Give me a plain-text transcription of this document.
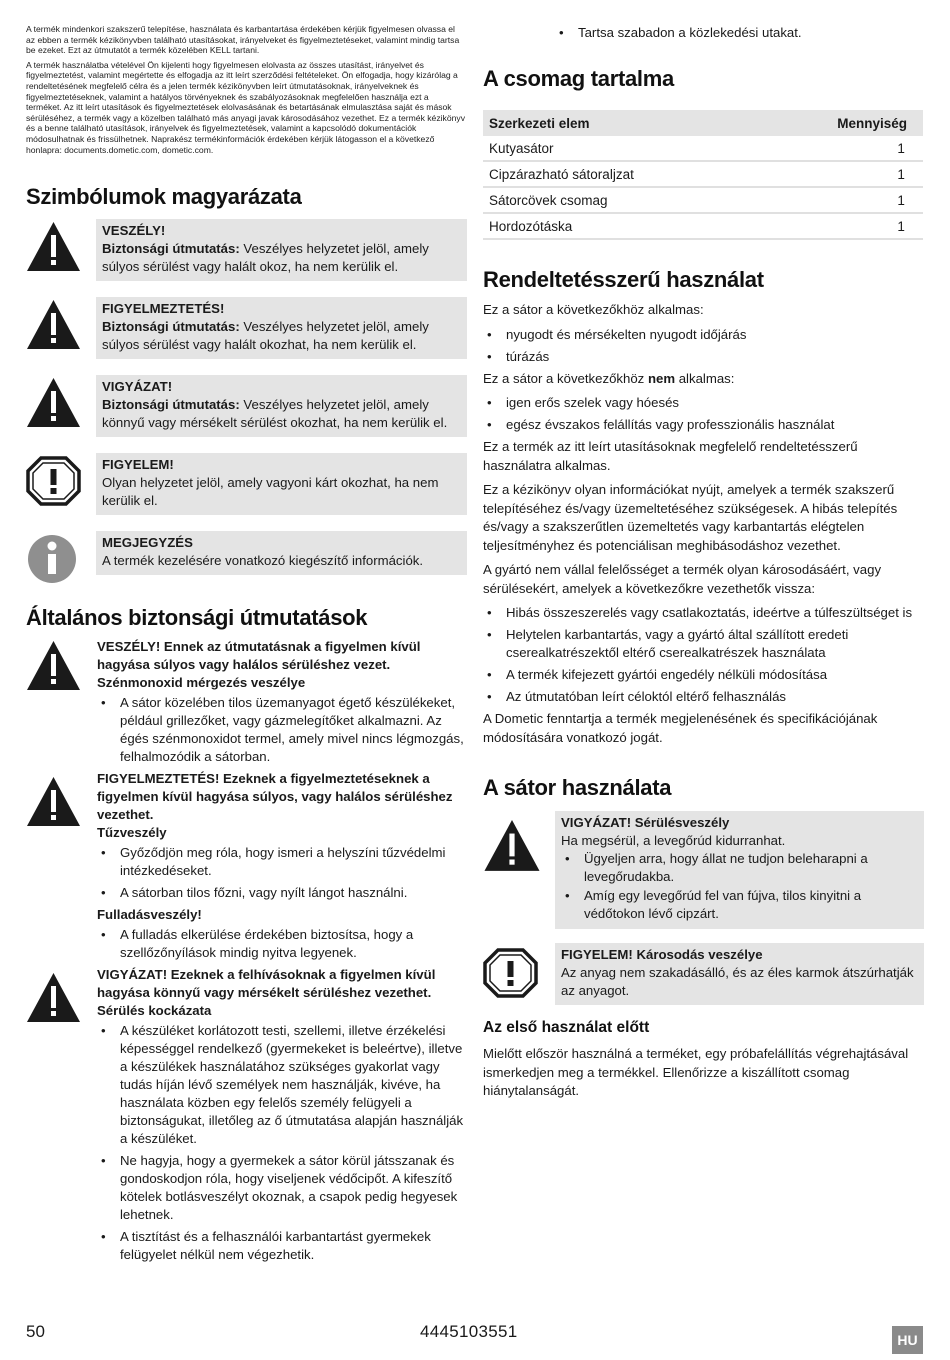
A termék mindenkori szakszerű telepítése, használata és karbantartása érdekében kérjük figyelmesen olvassa el az ebben a termék kézikönyvben található utasításokat, irányelveket és figyelmeztetéseket, valamint mindig tartsa be ezeket. Ezt az útmutatót a termék közelében KELL tartani.

A termék használatba vételével Ön kijelenti hogy figyelmesen elolvasta az összes utasítást, irányelvet és figyelmeztetést, valamint megértette és elfogadja az itt leírt szerződési feltételeket. Ön elfogadja, hogy kizárólag a rendeltetésének megfelelő célra és a jelen termék kézikönyvben leírt útmutatásoknak, irányelveknek és figyelmeztetéseknek, valamint a hatályos törvényeknek és szabályozásoknak megfelelően használja ezt a terméket. Az itt leírt utasítások és figyelmeztetések elolvasásának és betartásának elmulasztása saját és mások sérüléséhez, a termék vagy a közelben található más anyagi javak károsodásához vezethet. Ez a termék kézikönyv és a benne található utasítások, irányelvek és figyelmeztetések, valamint a kapcsolódó dokumentációk módosulhatnak és frissülhetnek. Naprakész termékinformációk érdekében kérjük látogasson el a következő honlapra: documents.dometic.com, dometic.com.

Szimbólumok magyarázata
VESZÉLY!
Biztonsági útmutatás: Veszélyes helyzetet jelöl, amely súlyos sérülést vagy halált okoz, ha nem kerülik el.
FIGYELMEZTETÉS!
Biztonsági útmutatás: Veszélyes helyzetet jelöl, amely súlyos sérülést vagy halált okozhat, ha nem kerülik el.
VIGYÁZAT!
Biztonsági útmutatás: Veszélyes helyzetet jelöl, amely könnyű vagy mérsékelt sérülést okozhat, ha nem kerülik el.
FIGYELEM!
Olyan helyzetet jelöl, amely vagyoni kárt okozhat, ha nem kerülik el.
MEGJEGYZÉS
A termék kezelésére vonatkozó kiegészítő információk.
Általános biztonsági útmutatások
VESZÉLY! Ennek az útmutatásnak a figyelmen kívül hagyása súlyos vagy halálos sérüléshez vezet.
Szénmonoxid mérgezés veszélye
• A sátor közelében tilos üzemanyagot égető készülékeket, például grillezőket, vagy gázmelegítőket alkalmazni. Az égés szénmonoxidot termel, amely mivel nincs légmozgás, felhalmozódik a sátorban.
FIGYELMEZTETÉS! Ezeknek a figyelmeztetéseknek a figyelmen kívül hagyása súlyos, vagy halálos sérüléshez vezethet.
Tűzveszély
• Győződjön meg róla, hogy ismeri a helyszíni tűzvédelmi intézkedéseket.
• A sátorban tilos főzni, vagy nyílt lángot használni.
Fulladásveszély!
• A fulladás elkerülése érdekében biztosítsa, hogy a szellőzőnyílások mindig nyitva legyenek.
VIGYÁZAT! Ezeknek a felhívásoknak a figyelmen kívül hagyása könnyű vagy mérsékelt sérüléshez vezethet.
Sérülés kockázata
• A készüléket korlátozott testi, szellemi, illetve érzékelési képességgel rendelkező (gyermekeket is beleértve), illetve a készülékek használatához szükséges gyakorlat vagy tudás híján lévő személyek nem használják, kivéve, ha használata közben egy felelős személy felügyeli a biztonságukat, illetőleg az ő útmutatása alapján használják a készüléket.
• Ne hagyja, hogy a gyermekek a sátor körül játsszanak és gondoskodjon róla, hogy viseljenek védőcipőt. A kifeszítő kötelek botlásveszélyt okoznak, a csapok pedig hegyesek lehetnek.
• A tisztítást és a felhasználói karbantartást gyermekek felügyelet nélkül nem végezhetik.
• Tartsa szabadon a közlekedési utakat.
A csomag tartalma
Szerkezeti elem	Mennyiség
Kutyasátor	1
Cipzárazható sátoraljzat	1
Sátorcövek csomag	1
Hordozótáska	1
Rendeltetésszerű használat

Ez a sátor a következőkhöz alkalmas:

• nyugodt és mérsékelten nyugodt időjárás
• túrázás

Ez a sátor a következőkhöz nem alkalmas:

• igen erős szelek vagy hóesés
• egész évszakos felállítás vagy professzionális használat

Ez a termék az itt leírt utasításoknak megfelelő rendeltetésszerű használatra alkalmas.

Ez a kézikönyv olyan információkat nyújt, amelyek a termék szakszerű telepítéséhez és/vagy üzemeltetéséhez szükségesek. A hibás telepítés és/vagy a szakszerűtlen üzemeltetés vagy karbantartás elégtelen teljesítményhez és potenciálisan meghibásodáshoz vezethet.

A gyártó nem vállal felelősséget a termék olyan károsodásáért, vagy sérülésekért, amelyek a következőkre vezethetők vissza:

• Hibás összeszerelés vagy csatlakoztatás, ideértve a túlfeszültséget is
• Helytelen karbantartás, vagy a gyártó által szállított eredeti cserealkatrészektől eltérő cserealkatrészek használata
• A termék kifejezett gyártói engedély nélküli módosítása
• Az útmutatóban leírt céloktól eltérő felhasználás

A Dometic fenntartja a termék megjelenésének és specifikációjának módosítására vonatkozó jogát.

A sátor használata
VIGYÁZAT! Sérülésveszély
Ha megsérül, a levegőrúd kidurranhat.
• Ügyeljen arra, hogy állat ne tudjon beleharapni a levegőrudakba.
• Amíg egy levegőrúd fel van fújva, tilos kinyitni a védőtokon lévő cipzárt.
FIGYELEM! Károsodás veszélye
Az anyag nem szakadásálló, és az éles karmok átszúrhatják az anyagot.
Az első használat előtt

Mielőtt először használná a terméket, egy próbafelállítás végrehajtásával ismerkedjen meg a termékkel. Ellenőrizze a kiszállított csomag hiánytalanságát.

50	4445103551	HU
